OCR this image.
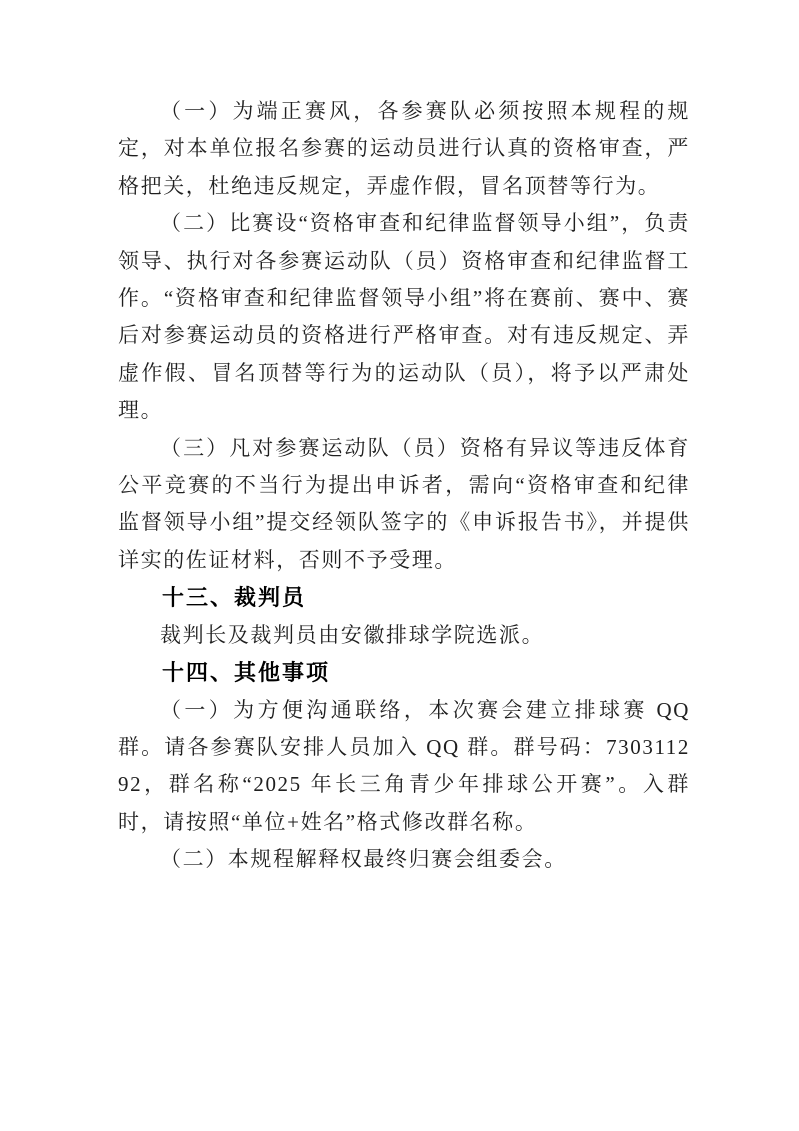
（一）为端正赛风，各参赛队必须按照本规程的规定，对本单位报名参赛的运动员进行认真的资格审查，严格把关，杜绝违反规定，弄虚作假，冒名顶替等行为。

（二）比赛设“资格审查和纪律监督领导小组”，负责领导、执行对各参赛运动队（员）资格审查和纪律监督工作。“资格审查和纪律监督领导小组”将在赛前、赛中、赛后对参赛运动员的资格进行严格审查。对有违反规定、弄虚作假、冒名顶替等行为的运动队（员），将予以严肃处理。

（三）凡对参赛运动队（员）资格有异议等违反体育公平竞赛的不当行为提出申诉者，需向“资格审查和纪律监督领导小组”提交经领队签字的《申诉报告书》，并提供详实的佐证材料，否则不予受理。

十三、裁判员

裁判长及裁判员由安徽排球学院选派。

十四、其他事项

（一）为方便沟通联络，本次赛会建立排球赛 QQ 群。请各参赛队安排人员加入 QQ 群。群号码：730311292，群名称“2025 年长三角青少年排球公开赛”。入群时，请按照“单位+姓名”格式修改群名称。

（二）本规程解释权最终归赛会组委会。
